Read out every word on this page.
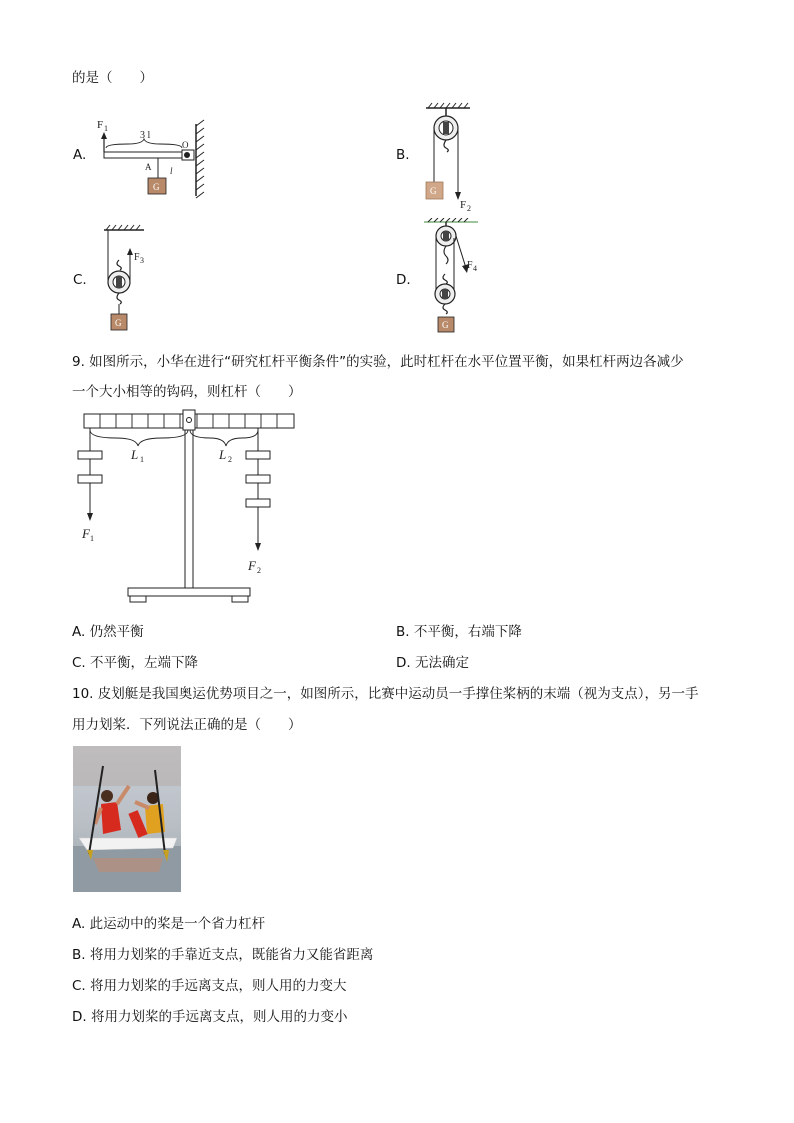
的是（　　）
A.	B.
C.	D.
F 1
3 l
A
O
l
G	G
F 2
F 3
G
F 4
G
9. 如图所示，小华在进行“研究杠杆平衡条件”的实验，此时杠杆在水平位置平衡，如果杠杆两边各减少
一个大小相等的钩码，则杠杆（　　）
L 1	L 2
F 1
F 2
A. 仍然平衡	B. 不平衡，右端下降
C. 不平衡，左端下降	D. 无法确定
10. 皮划艇是我国奥运优势项目之一，如图所示，比赛中运动员一手撑住桨柄的末端（视为支点），另一手
用力划桨．下列说法正确的是（　　）
A. 此运动中的桨是一个省力杠杆
B. 将用力划桨的手靠近支点，既能省力又能省距离
C. 将用力划桨的手远离支点，则人用的力变大
D. 将用力划桨的手远离支点，则人用的力变小
